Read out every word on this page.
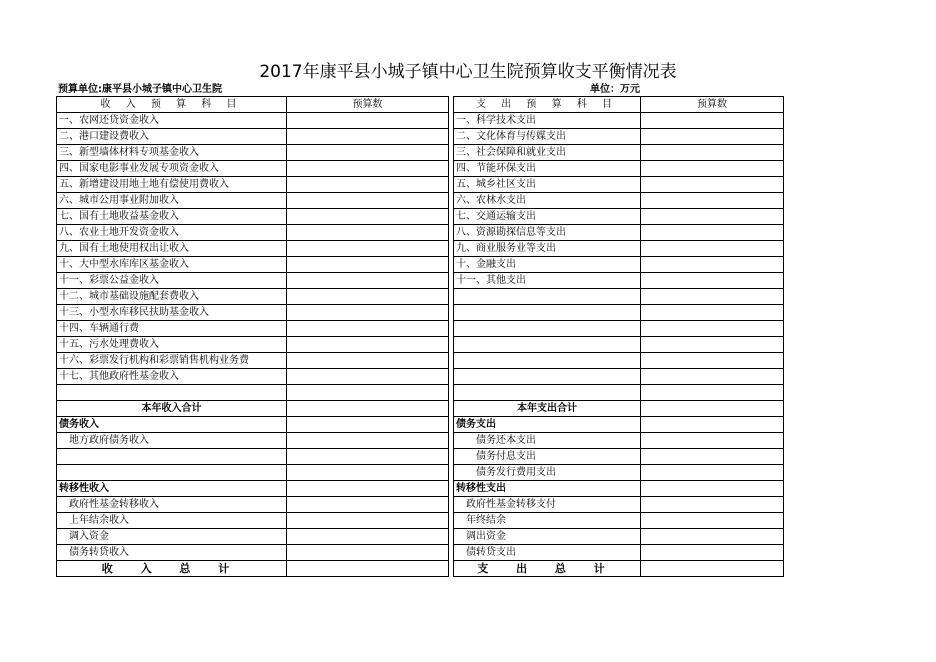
2017年康平县小城子镇中心卫生院预算收支平衡情况表
预算单位:康平县小城子镇中心卫生院	单位：万元
收 入 预 算 科 目	预算数		支 出 预 算 科 目	预算数
一、农网还贷资金收入			一、科学技术支出	
二、港口建设费收入			二、文化体育与传媒支出	
三、新型墙体材料专项基金收入			三、社会保障和就业支出	
四、国家电影事业发展专项资金收入			四、节能环保支出	
五、新增建设用地土地有偿使用费收入			五、城乡社区支出	
六、城市公用事业附加收入			六、农林水支出	
七、国有土地收益基金收入			七、交通运输支出	
八、农业土地开发资金收入			八、资源勘探信息等支出	
九、国有土地使用权出让收入			九、商业服务业等支出	
十、大中型水库库区基金收入			十、金融支出	
十一、彩票公益金收入			十一、其他支出	
十二、城市基础设施配套费收入				
十三、小型水库移民扶助基金收入				
十四、车辆通行费				
十五、污水处理费收入				
十六、彩票发行机构和彩票销售机构业务费				
十七、其他政府性基金收入				

本年收入合计			本年支出合计	
债务收入			债务支出	
地方政府债务收入			债务还本支出	
			债务付息支出	
			债务发行费用支出	
转移性收入			转移性支出	
政府性基金转移收入			政府性基金转移支付	
上年结余收入			年终结余	
调入资金			调出资金	
债务转贷收入			债转贷支出	
收 入 总 计			支 出 总 计	
